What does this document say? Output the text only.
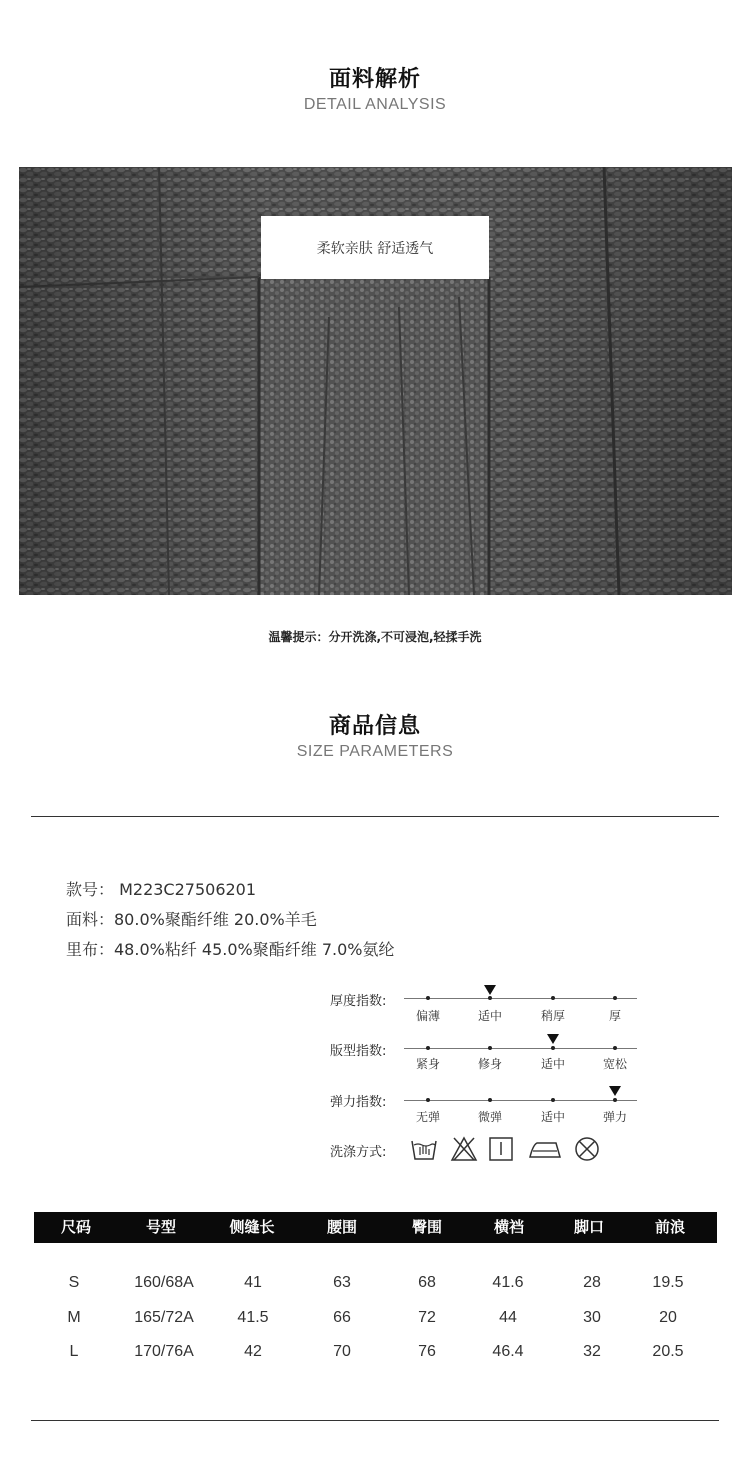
面料解析
DETAIL ANALYSIS
柔软亲肤 舒适透气
温馨提示：分开洗涤,不可浸泡,轻揉手洗
商品信息
SIZE PARAMETERS
款号： M223C27506201
面料：80.0%聚酯纤维 20.0%羊毛
里布：48.0%粘纤 45.0%聚酯纤维 7.0%氨纶
厚度指数:
偏薄	适中	稍厚	厚
版型指数:
紧身	修身	适中	宽松
弹力指数:
无弹	微弹	适中	弹力
洗涤方式:
尺码	号型	侧缝长	腰围	臀围	横裆	脚口	前浪
S	160/68A	41	63	68	41.6	28	19.5
M	165/72A	41.5	66	72	44	30	20
L	170/76A	42	70	76	46.4	32	20.5
